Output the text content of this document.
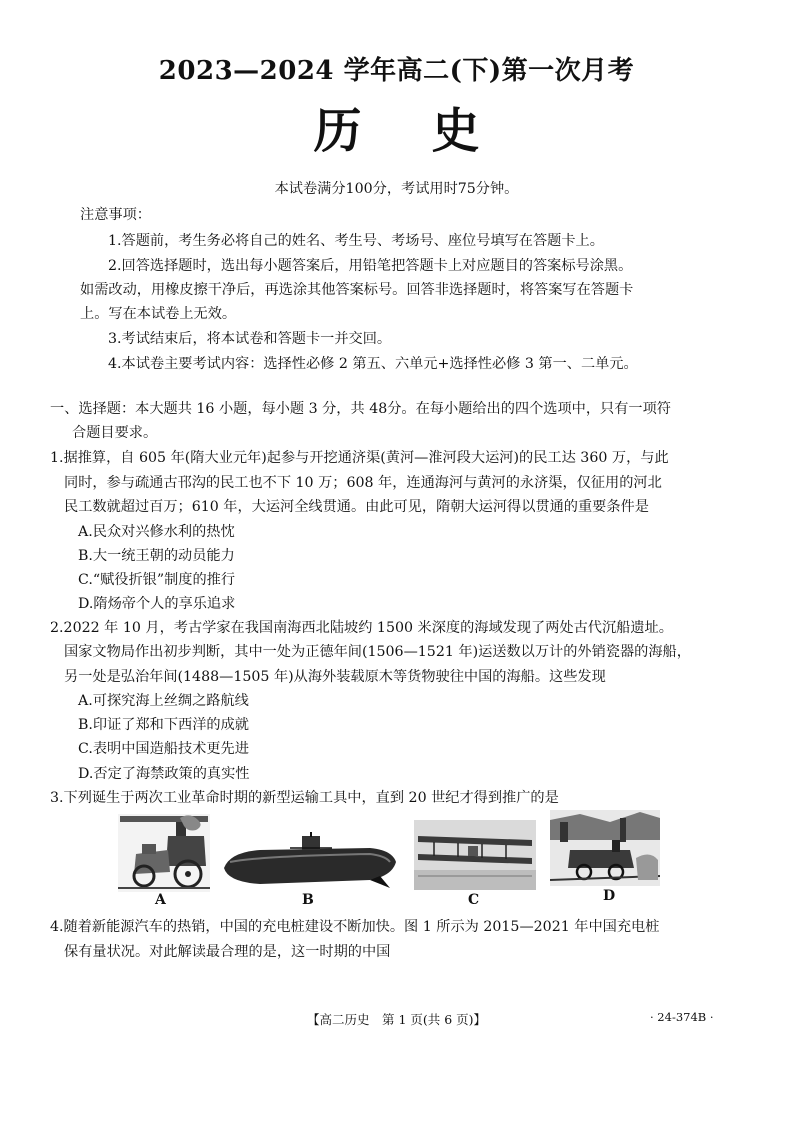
2023—2024 学年高二(下)第一次月考
历史
本试卷满分100分，考试用时75分钟。
注意事项：
1.答题前，考生务必将自己的姓名、考生号、考场号、座位号填写在答题卡上。
2.回答选择题时，选出每小题答案后，用铅笔把答题卡上对应题目的答案标号涂黑。
如需改动，用橡皮擦干净后，再选涂其他答案标号。回答非选择题时，将答案写在答题卡
上。写在本试卷上无效。
3.考试结束后，将本试卷和答题卡一并交回。
4.本试卷主要考试内容：选择性必修 2 第五、六单元+选择性必修 3 第一、二单元。
一、选择题：本大题共 16 小题，每小题 3 分，共 48分。在每小题给出的四个选项中，只有一项符
合题目要求。
1.据推算，自 605 年(隋大业元年)起参与开挖通济渠(黄河—淮河段大运河)的民工达 360 万，与此
同时，参与疏通古邗沟的民工也不下 10 万；608 年，连通海河与黄河的永济渠，仅征用的河北
民工数就超过百万；610 年，大运河全线贯通。由此可见，隋朝大运河得以贯通的重要条件是
A.民众对兴修水利的热忱
B.大一统王朝的动员能力
C.“赋役折银”制度的推行
D.隋炀帝个人的享乐追求
2.2022 年 10 月，考古学家在我国南海西北陆坡约 1500 米深度的海域发现了两处古代沉船遗址。
国家文物局作出初步判断，其中一处为正德年间(1506—1521 年)运送数以万计的外销瓷器的海船，
另一处是弘治年间(1488—1505 年)从海外装载原木等货物驶往中国的海船。这些发现
A.可探究海上丝绸之路航线
B.印证了郑和下西洋的成就
C.表明中国造船技术更先进
D.否定了海禁政策的真实性
3.下列诞生于两次工业革命时期的新型运输工具中，直到 20 世纪才得到推广的是
A	B	C	D
4.随着新能源汽车的热销，中国的充电桩建设不断加快。图 1 所示为 2015—2021 年中国充电桩
保有量状况。对此解读最合理的是，这一时期的中国
【高二历史　第 1 页(共 6 页)】	· 24-374B ·
